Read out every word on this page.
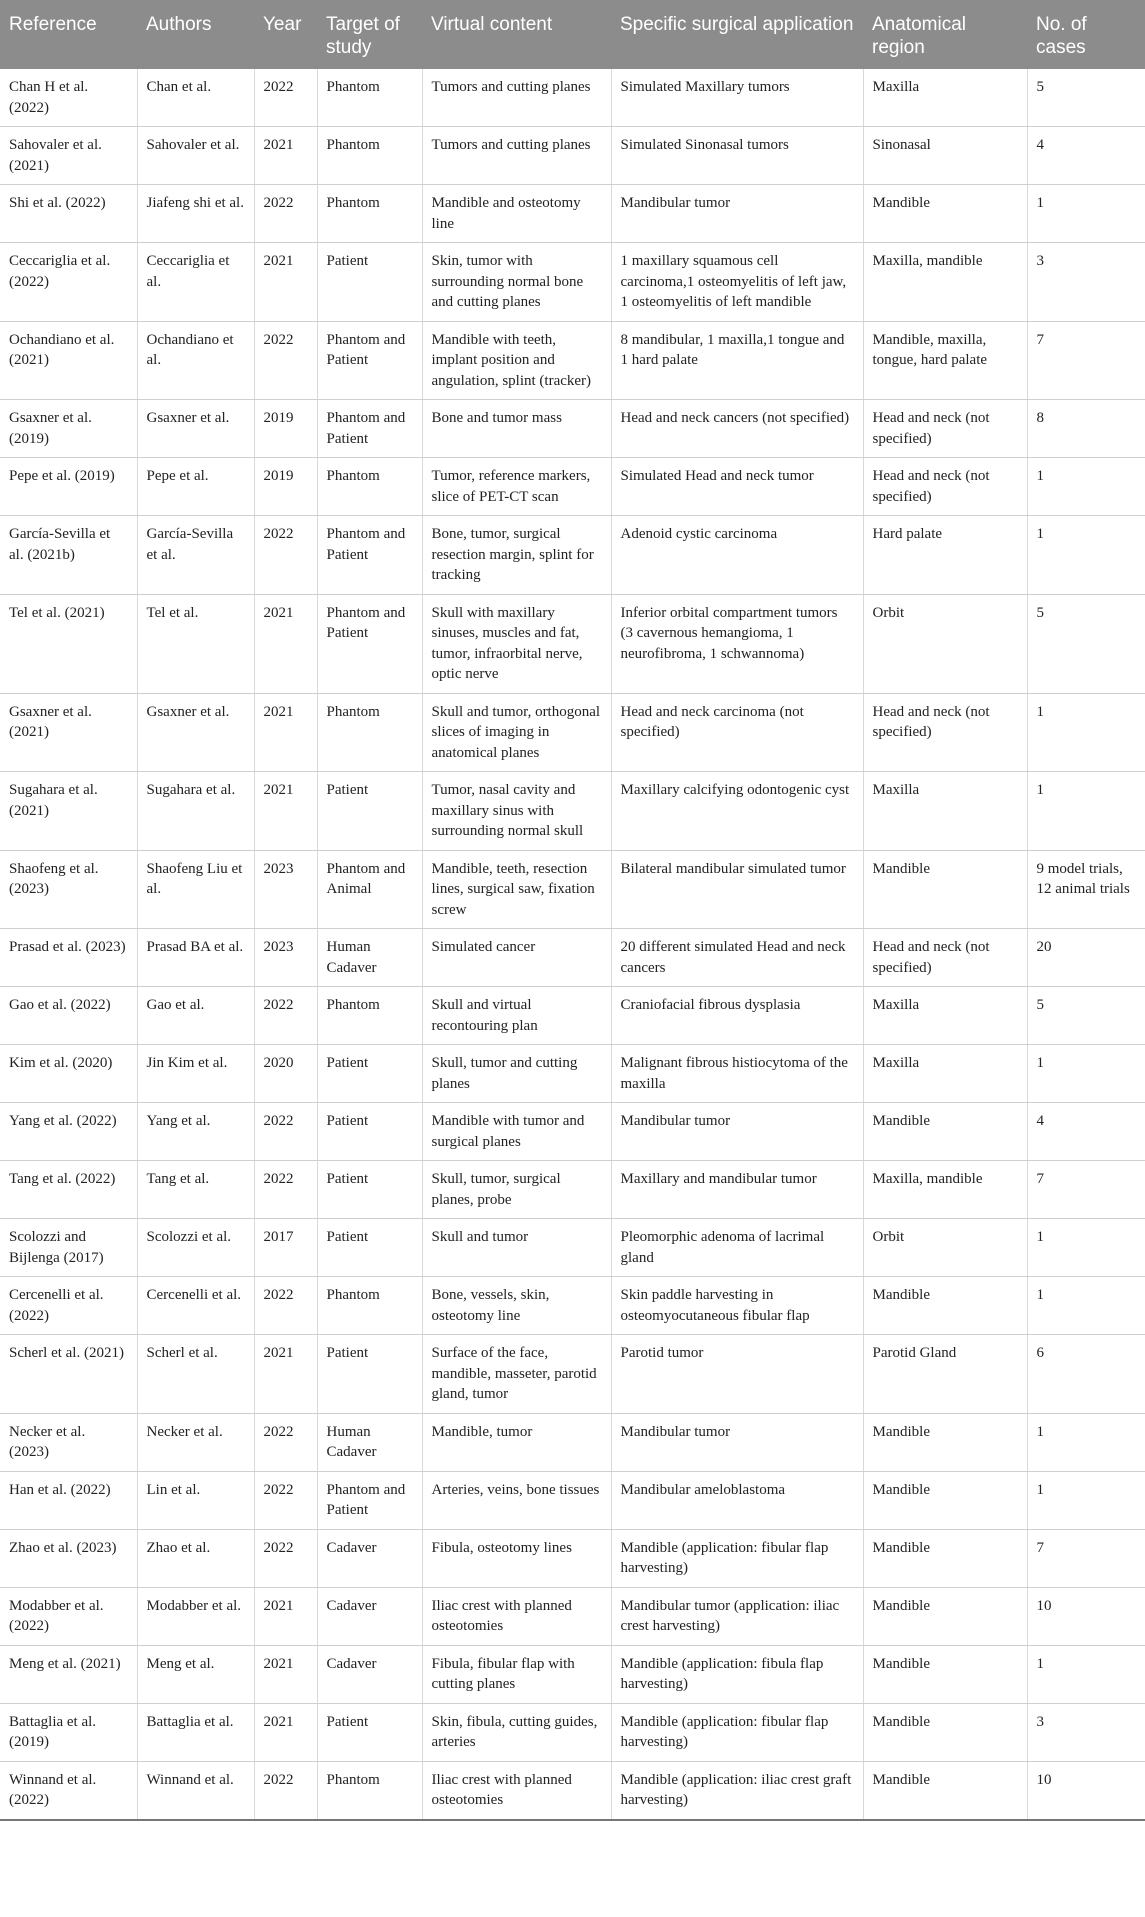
Reference	Authors	Year	Target of study	Virtual content	Specific surgical application	Anatomical region	No. of cases
Chan H et al. (2022)	Chan et al.	2022	Phantom	Tumors and cutting planes	Simulated Maxillary tumors	Maxilla	5
Sahovaler et al. (2021)	Sahovaler et al.	2021	Phantom	Tumors and cutting planes	Simulated Sinonasal tumors	Sinonasal	4
Shi et al. (2022)	Jiafeng shi et al.	2022	Phantom	Mandible and osteotomy line	Mandibular tumor	Mandible	1
Ceccariglia et al. (2022)	Ceccariglia et al.	2021	Patient	Skin, tumor with surrounding normal bone and cutting planes	1 maxillary squamous cell carcinoma,1 osteomyelitis of left jaw, 1 osteomyelitis of left mandible	Maxilla, mandible	3
Ochandiano et al. (2021)	Ochandiano et al.	2022	Phantom and Patient	Mandible with teeth, implant position and angulation, splint (tracker)	8 mandibular, 1 maxilla,1 tongue and 1 hard palate	Mandible, maxilla, tongue, hard palate	7
Gsaxner et al. (2019)	Gsaxner et al.	2019	Phantom and Patient	Bone and tumor mass	Head and neck cancers (not specified)	Head and neck (not specified)	8
Pepe et al. (2019)	Pepe et al.	2019	Phantom	Tumor, reference markers, slice of PET-CT scan	Simulated Head and neck tumor	Head and neck (not specified)	1
García-Sevilla et al. (2021b)	García-Sevilla et al.	2022	Phantom and Patient	Bone, tumor, surgical resection margin, splint for tracking	Adenoid cystic carcinoma	Hard palate	1
Tel et al. (2021)	Tel et al.	2021	Phantom and Patient	Skull with maxillary sinuses, muscles and fat, tumor, infraorbital nerve, optic nerve	Inferior orbital compartment tumors (3 cavernous hemangioma, 1 neurofibroma, 1 schwannoma)	Orbit	5
Gsaxner et al. (2021)	Gsaxner et al.	2021	Phantom	Skull and tumor, orthogonal slices of imaging in anatomical planes	Head and neck carcinoma (not specified)	Head and neck (not specified)	1
Sugahara et al. (2021)	Sugahara et al.	2021	Patient	Tumor, nasal cavity and maxillary sinus with surrounding normal skull	Maxillary calcifying odontogenic cyst	Maxilla	1
Shaofeng et al. (2023)	Shaofeng Liu et al.	2023	Phantom and Animal	Mandible, teeth, resection lines, surgical saw, fixation screw	Bilateral mandibular simulated tumor	Mandible	9 model trials, 12 animal trials
Prasad et al. (2023)	Prasad BA et al.	2023	Human Cadaver	Simulated cancer	20 different simulated Head and neck cancers	Head and neck (not specified)	20
Gao et al. (2022)	Gao et al.	2022	Phantom	Skull and virtual recontouring plan	Craniofacial fibrous dysplasia	Maxilla	5
Kim et al. (2020)	Jin Kim et al.	2020	Patient	Skull, tumor and cutting planes	Malignant fibrous histiocytoma of the maxilla	Maxilla	1
Yang et al. (2022)	Yang et al.	2022	Patient	Mandible with tumor and surgical planes	Mandibular tumor	Mandible	4
Tang et al. (2022)	Tang et al.	2022	Patient	Skull, tumor, surgical planes, probe	Maxillary and mandibular tumor	Maxilla, mandible	7
Scolozzi and Bijlenga (2017)	Scolozzi et al.	2017	Patient	Skull and tumor	Pleomorphic adenoma of lacrimal gland	Orbit	1
Cercenelli et al. (2022)	Cercenelli et al.	2022	Phantom	Bone, vessels, skin, osteotomy line	Skin paddle harvesting in osteomyocutaneous fibular flap	Mandible	1
Scherl et al. (2021)	Scherl et al.	2021	Patient	Surface of the face, mandible, masseter, parotid gland, tumor	Parotid tumor	Parotid Gland	6
Necker et al. (2023)	Necker et al.	2022	Human Cadaver	Mandible, tumor	Mandibular tumor	Mandible	1
Han et al. (2022)	Lin et al.	2022	Phantom and Patient	Arteries, veins, bone tissues	Mandibular ameloblastoma	Mandible	1
Zhao et al. (2023)	Zhao et al.	2022	Cadaver	Fibula, osteotomy lines	Mandible (application: fibular flap harvesting)	Mandible	7
Modabber et al. (2022)	Modabber et al.	2021	Cadaver	Iliac crest with planned osteotomies	Mandibular tumor (application: iliac crest harvesting)	Mandible	10
Meng et al. (2021)	Meng et al.	2021	Cadaver	Fibula, fibular flap with cutting planes	Mandible (application: fibula flap harvesting)	Mandible	1
Battaglia et al. (2019)	Battaglia et al.	2021	Patient	Skin, fibula, cutting guides, arteries	Mandible (application: fibular flap harvesting)	Mandible	3
Winnand et al. (2022)	Winnand et al.	2022	Phantom	Iliac crest with planned osteotomies	Mandible (application: iliac crest graft harvesting)	Mandible	10
